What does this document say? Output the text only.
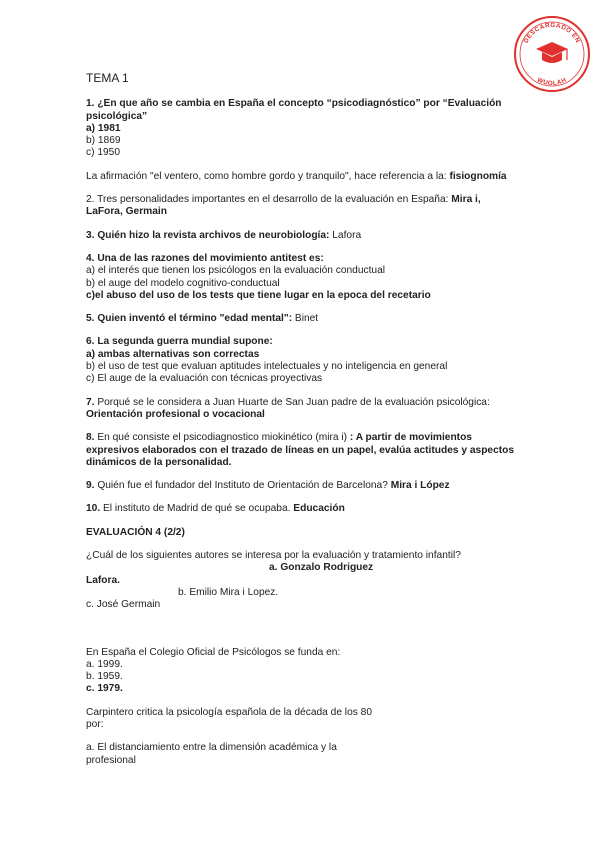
DESCARGADO EN
WUOLAH
TEMA 1
1. ¿En que año se cambia en España el concepto “psicodiagnóstico” por “Evaluación psicológica”
a) 1981
b) 1869
c) 1950
La afirmación "el ventero, como hombre gordo y tranquilo", hace referencia a la: fisiognomía
2. Tres personalidades importantes en el desarrollo de la evaluación en España: Mira i, LaFora, Germain
3. Quién hizo la revista archivos de neurobiología: Lafora
4. Una de las razones del movimiento antitest es:
a) el interés que tienen los psicólogos en la evaluación conductual
b) el auge del modelo cognitivo-conductual
c)el abuso del uso de los tests que tiene lugar en la epoca del recetario
5. Quien inventó el término "edad mental": Binet
6. La segunda guerra mundial supone:
a) ambas alternativas son correctas
b) el uso de test que evaluan aptitudes intelectuales y no inteligencia en general
c) El auge de la evaluación con técnicas proyectivas
7. Porqué se le considera a Juan Huarte de San Juan padre de la evaluación psicológica: Orientación profesional o vocacional
8. En qué consiste el psicodiagnostico miokinético (mira i) : A partir de movimientos expresivos elaborados con el trazado de líneas en un papel, evalúa actitudes y aspectos dinámicos de la personalidad.
9. Quién fue el fundador del Instituto de Orientación de Barcelona? Mira i López
10. El instituto de Madrid de qué se ocupaba. Educación
EVALUACIÓN 4 (2/2)
¿Cuál de los siguientes autores se interesa por la evaluación y tratamiento infantil?
a. Gonzalo Rodriguez
Lafora.
b. Emilio Mira i Lopez.
c. José Germain
En España el Colegio Oficial de Psicólogos se funda en:
a. 1999.
b. 1959.
c. 1979.
Carpintero critica la psicología española de la década de los 80 por:
a. El distanciamiento entre la dimensión académica y la profesional
